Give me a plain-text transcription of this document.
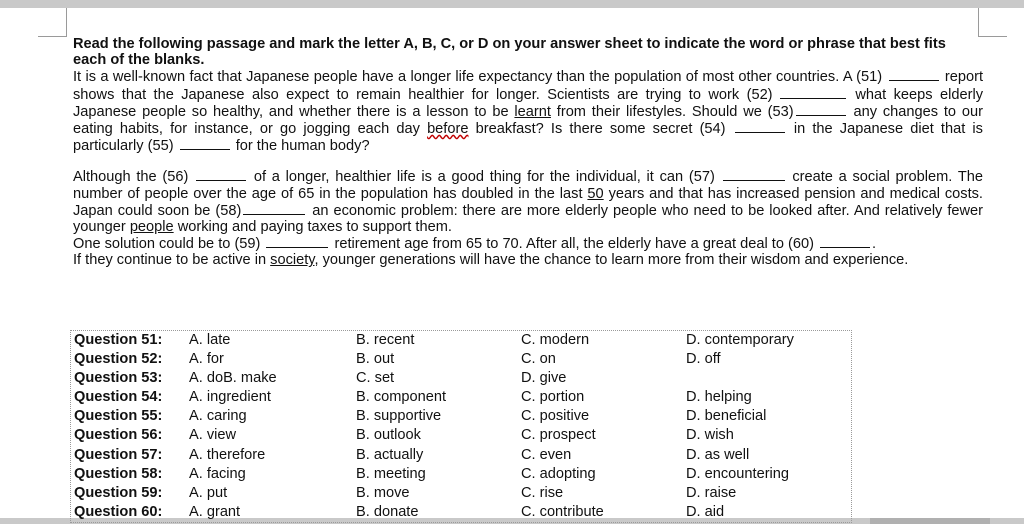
Read the following passage and mark the letter A, B, C, or D on your answer sheet to indicate the word or phrase that best fits each of the blanks.

It is a well-known fact that Japanese people have a longer life expectancy than the population of most other countries. A (51)	report shows that the Japanese also expect to remain healthier for longer. Scientists are trying to work (52)	what keeps elderly Japanese people so healthy, and whether there is a lesson to be learnt from their lifestyles. Should we (53)	any changes to our eating habits, for instance, or go jogging each day before breakfast? Is there some secret (54)	in the Japanese diet that is particularly (55)	for the human body?

Although the (56)	of a longer, healthier life is a good thing for the individual, it can (57)	create a social problem. The number of people over the age of 65 in the population has doubled in the last 50 years and that has increased pension and medical costs. Japan could soon be (58)	an economic problem: there are more elderly people who need to be looked after. And relatively fewer younger people working and paying taxes to support them.
One solution could be to (59)	retirement age from 65 to 70. After all, the elderly have a great deal to (60)	.
If they continue to be active in society, younger generations will have the chance to learn more from their wisdom and experience.

Question 51: A. late	B. recent	C. modern	D. contemporary
Question 52: A. for	B. out	C. on	D. off
Question 53: A. doB. make	C. set	D. give
Question 54: A. ingredient	B. component	C. portion	D. helping
Question 55: A. caring	B. supportive	C. positive	D. beneficial
Question 56: A. view	B. outlook	C. prospect	D. wish
Question 57: A. therefore	B. actually	C. even	D. as well
Question 58: A. facing	B. meeting	C. adopting	D. encountering
Question 59: A. put	B. move	C. rise	D. raise
Question 60: A. grant	B. donate	C. contribute	D. aid
